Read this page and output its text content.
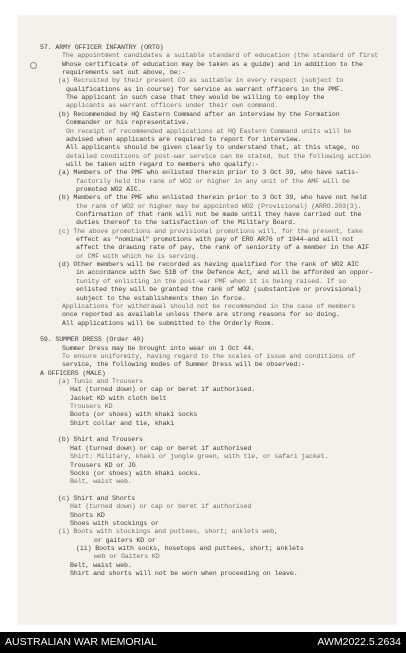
57. ARMY OFFICER INFANTRY (ORTO)
The appointment candidates a suitable standard of education (the standard of first
Whose certificate of education may be taken as a guide) and in addition to the
requirements set out above, be:-
(a) Recruited by their present CO as suitable in every respect (subject to
qualifications as in course) for service as warrant officers in the PMF.
The applicant in such case that they would be willing to employ the
applicants as warrant officers under their own command.
(b) Recommended by HQ Eastern Command after an interview by the Formation
Commander or his representative.
On receipt of recommended applications at HQ Eastern Command units will be
advised when applicants are required to report for interview.
All applicants should be given clearly to understand that, at this stage, no
detailed conditions of post-war service can be stated, but the following action
will be taken with regard to members who qualify:-
(a) Members of the PMF who enlisted therein prior to 3 Oct 39, who have satis-
factorily held the rank of WO2 or higher in any unit of the AMF will be
promoted WO2 AIC.
(b) Members of the PMF who enlisted therein prior to 3 Oct 39, who have not held
the rank of WO2 or higher may be appointed WO2 (Provisional) (ARRO.203(3).
Confirmation of that rank will not be made until they have carried out the
duties thereof to the satisfaction of the Military Board.
(c) The above promotions and provisional promotions will, for the present, take
effect as "nominal" promotions with pay of ERO AR76 of 1944-and will not
affect the drawing rate of pay, the rank of seniority of a member in the AIF
or CMF with which he is serving.
(d) Other members will be recorded as having qualified for the rank of WO2 AIC
in accordance with Sec 51B of the Defence Act, and will be afforded an oppor-
tunity of enlisting in the post-war PMF when it is being raised. If so
enlisted they will be granted the rank of WO2 (substantive or provisional)
subject to the establishments then in force.
Applications for withdrawal should not be recommended in the case of members
once reported as available unless there are strong reasons for so doing.
All applications will be submitted to the Orderly Room.
59. SUMMER DRESS (Order 40)
Summer Dress may be brought into wear on 1 Oct 44.
To ensure uniformity, having regard to the scales of issue and conditions of
service, the following modes of Summer Dress will be observed:-
A OFFICERS (MALE)
(a) Tunic and Trousers
Hat (turned down) or cap or beret if authorised.
Jacket KD with cloth belt
Trousers KD
Boots (or shoes) with khaki socks
Shirt collar and tie, khaki
(b) Shirt and Trousers
Hat (turned down) or cap or beret if authorised
Shirt: Military, khaki or jungle green, with tie, or safari jacket.
Trousers KD or JG
Socks (or shoes) with khaki socks.
Belt, waist web.
(c) Shirt and Shorts
Hat (turned down) or cap or beret if authorised
Shorts KD
Shoes with stockings or
(i) Boots with stockings and puttees, short; anklets web,
or gaiters KD or
(ii) Boots with socks, hosetops and puttees, short; anklets
web or Gaiters KD
Belt, waist web.
Shirt and shorts will not be worn when proceeding on leave.
AUSTRALIAN WAR MEMORIAL	AWM2022.5.2634
